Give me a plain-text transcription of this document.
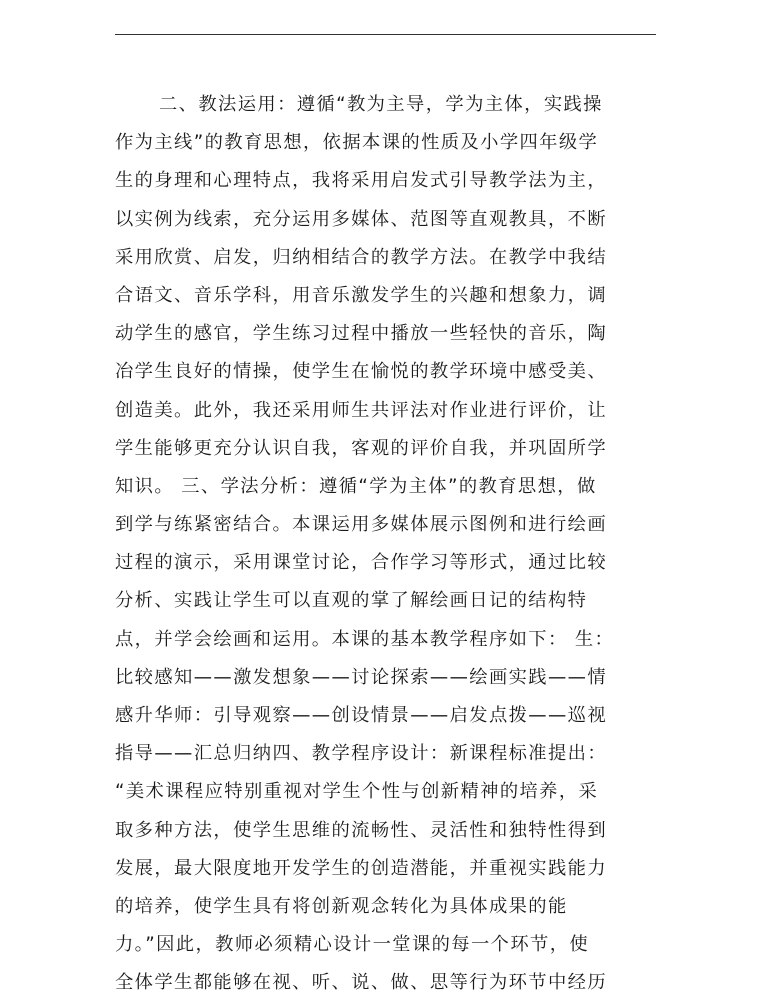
二、教法运用：遵循“教为主导，学为主体，实践操
作为主线”的教育思想，依据本课的性质及小学四年级学
生的身理和心理特点，我将采用启发式引导教学法为主，
以实例为线索，充分运用多媒体、范图等直观教具，不断
采用欣赏、启发，归纳相结合的教学方法。在教学中我结
合语文、音乐学科，用音乐激发学生的兴趣和想象力，调
动学生的感官，学生练习过程中播放一些轻快的音乐，陶
冶学生良好的情操，使学生在愉悦的教学环境中感受美、
创造美。此外，我还采用师生共评法对作业进行评价，让
学生能够更充分认识自我，客观的评价自我，并巩固所学
知识。 三、学法分析：遵循“学为主体”的教育思想，做
到学与练紧密结合。本课运用多媒体展示图例和进行绘画
过程的演示，采用课堂讨论，合作学习等形式，通过比较
分析、实践让学生可以直观的掌了解绘画日记的结构特
点，并学会绘画和运用。本课的基本教学程序如下： 生：
比较感知——激发想象——讨论探索——绘画实践——情
感升华师：引导观察——创设情景——启发点拨——巡视
指导——汇总归纳四、教学程序设计：新课程标准提出：
“美术课程应特别重视对学生个性与创新精神的培养，采
取多种方法，使学生思维的流畅性、灵活性和独特性得到
发展，最大限度地开发学生的创造潜能，并重视实践能力
的培养，使学生具有将创新观念转化为具体成果的能
力。”因此，教师必须精心设计一堂课的每一个环节，使
全体学生都能够在视、听、说、做、思等行为环节中经历
